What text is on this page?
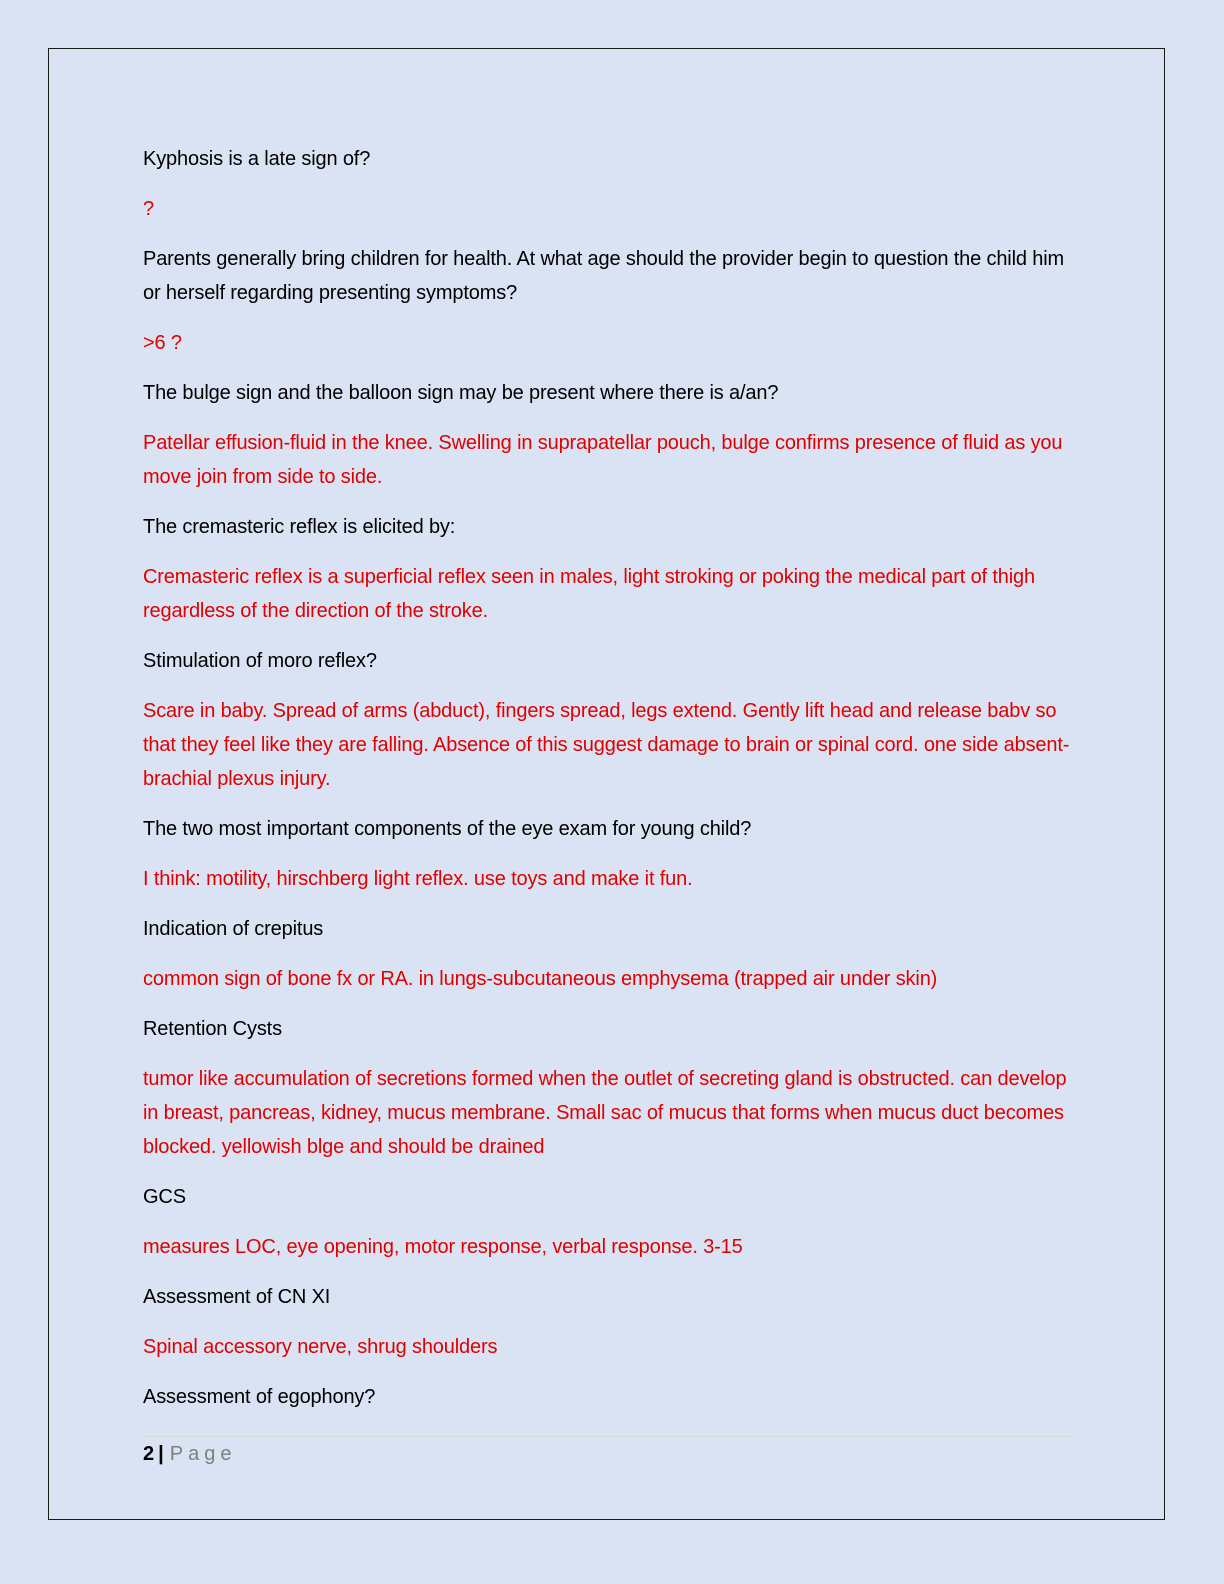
Kyphosis is a late sign of?

?

Parents generally bring children for health. At what age should the provider begin to question the child him or herself regarding presenting symptoms?

>6 ?

The bulge sign and the balloon sign may be present where there is a/an?

Patellar effusion-fluid in the knee. Swelling in suprapatellar pouch, bulge confirms presence of fluid as you move join from side to side.

The cremasteric reflex is elicited by:

Cremasteric reflex is a superficial reflex seen in males, light stroking or poking the medical part of thigh regardless of the direction of the stroke.

Stimulation of moro reflex?

Scare in baby. Spread of arms (abduct), fingers spread, legs extend. Gently lift head and release babv so that they feel like they are falling. Absence of this suggest damage to brain or spinal cord. one side absent-brachial plexus injury.

The two most important components of the eye exam for young child?

I think: motility, hirschberg light reflex. use toys and make it fun.

Indication of crepitus

common sign of bone fx or RA. in lungs-subcutaneous emphysema (trapped air under skin)

Retention Cysts

tumor like accumulation of secretions formed when the outlet of secreting gland is obstructed. can develop in breast, pancreas, kidney, mucus membrane. Small sac of mucus that forms when mucus duct becomes blocked. yellowish blge and should be drained

GCS

measures LOC, eye opening, motor response, verbal response. 3-15

Assessment of CN XI

Spinal accessory nerve, shrug shoulders

Assessment of egophony?

2 | Page
